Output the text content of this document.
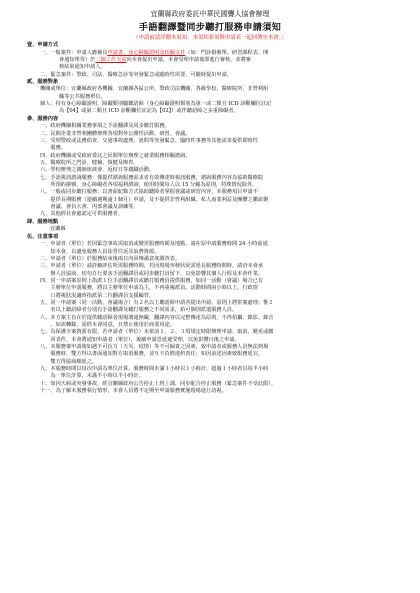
宜蘭縣政府委託中華民國聾人協會辦理
手語翻譯暨同步聽打服務申請須知
（申請前請詳閱本須知，本須知並須與申請表一起回傳至本會。）
壹、申請方式
一、一般案件：申請人應檢具申請書、身心障礙證明及相關文件（如：門診掛號單、研習課程表、開
會通知單等）於三個工作天前向本會提出申請，本會受理申請後即進行審核，並將審
核結果通知申請人。
二、緊急案件：警政、司法、醫療急診等突發緊急或臨時性需要，可隨時提出申請。
貳、服務對象
機關或單位：宜蘭縣政府各機關、宜蘭縣各區公所、警政司法機關、各級學校、醫療院所、非營利組
織等公共服務單位。
個人：持有身心障礙證明、障礙類別屬聽語障（身心障礙證明類別為第一或二類且 ICD 診斷欄位註記
為【04】或第二類且 ICD 診斷欄位註記為【02】）或伴聽語障之多重障礙者。
參、服務內容
一、政府機關相關業務事項之手語翻譯及同步聽打服務。
二、民間企業非營利團體辦理各項對外公開性活動、研習、會議。
三、受理警政或法務偵查、交通事故處理、訊問等突發緊急、臨時性事務等其他需求提供即時性
　　服務。
四、政府機關或受政府委託之民間單位辦理之就業服務相關諮詢。
五、醫療院所之門診、健檢、復健及療育。
六、學校辦理之親師座談會、返校日等親職活動。
七、手語視訊諮詢服務：僅提供諮詢服務需求者有效傳達時視訊服務，諮詢服務內容為協助醫療院
　　所預約掛號、身心障礙者各項福利諮詢，使用時間每人以 15 分鐘為原則，特殊情況除外。
八、一般或同步聽打服務：以書面紀錄方式協助聽障者掌握會議或研習內容，本服務項目申請不
　　提供長期服務（連續週期逾１個月）申請，及不提供非營利組織、私人商業利益及團體之聯誼聚
　　會議、會員大會、內部會議及訓練等。
九、其他經社會處認定可供服務者。
肆、服務地點
宜蘭縣
伍、注意事項
一、申請者（單位）若因緊急事故需取消或變更服務時間及地點，請在原申請服務時間 24 小時前通
　　知本會，以避免服務人員徒勞往返及浪費資源。
二、申請者（單位）於服務結束後兩日內回傳滿意度調查表。
三、申請者（單位）請詳細評估所需服務時間，若因現場突發狀況需延長服務時間時，請洽本會承
　　辦人員協商，切勿自行要求手語翻譯員或同步聽打員留下，以免影響其個人行程及本會作業。
四、同一申請案原則上指派１位手語翻譯員或聽打服務員提供服務，如同一活動（會議）場合已有
　　主辦單位申請服務，將以主辦單位申請為主，不再重複派員。活動時間兩小時以上，行政窗
　　口將視狀況適時指派第二位翻譯員支援輪替。
五、同一申請案（同一活動、會議場合）有２名以上聽語障申請者提出申請，原則上將併案處理；惟２
　　名以上聽語障者分別有手語翻譯及聽打服務之不同需求，始可個別派遣服務人員。
六、本方案主旨在於提供聽語障者現場溝通無礙，翻譯內容以完整傳達為原則，不得拍攝、錄影、錄音
　　，如需轉錄，需經本會同意，且禁止使用於商業用途。
七、為保護全案資源有限，若申請者（單位）未依前１、２、３項規定時限辦理申請、取消、變更或繳
　　回表件，本會將通知申請者（單位），後續申請恐延遲受理，以免影響日後之申請。
八、本服務案申請後如遇不可抗力（天災、疫情）等不可歸責之因素，致申請者或服務人員無法到場
　　服務時，雙方得以書面通知對方取消服務，並互不負擔違約責任；如因前述因素致服務延宕，
　　雙方得協商順延之。
九、本服務時間以每次申請為單位計算，服務時間未滿１小時以１小時計，超過１小時者以每半小時
　　為一單位計算，未滿半小時以半小時計。
十、如因天候或突發事故，經宜蘭縣政府公告停止上班上課，同步配合停止服務（緊急案件不受此限）。
十一、為了解本服務執行情形，本會人員將不定期至申請服務實施現場進行訪視。
